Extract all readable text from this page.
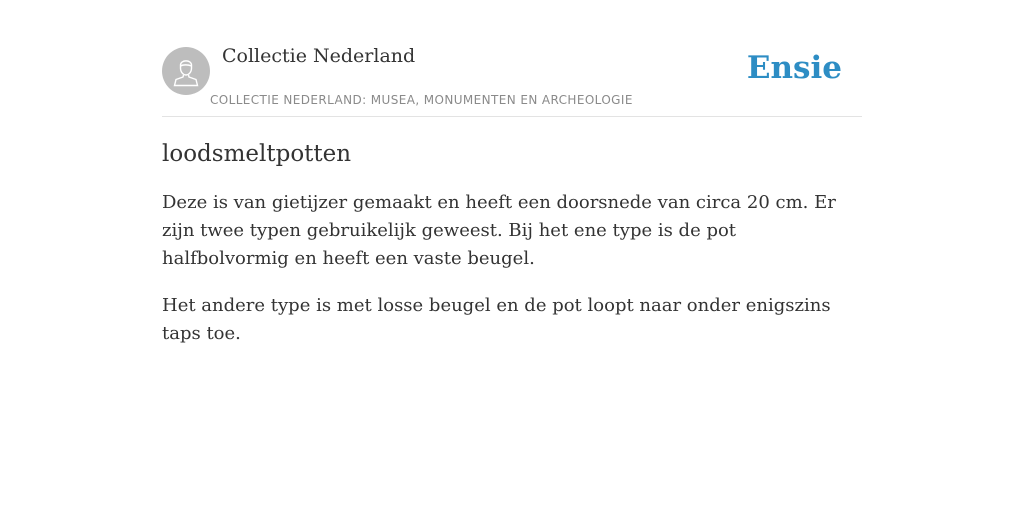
Collectie Nederland
COLLECTIE NEDERLAND: MUSEA, MONUMENTEN EN ARCHEOLOGIE
Ensie
loodsmeltpotten

Deze is van gietijzer gemaakt en heeft een doorsnede van circa 20 cm. Er zijn twee typen gebruikelijk geweest. Bij het ene type is de pot halfbolvormig en heeft een vaste beugel.

Het andere type is met losse beugel en de pot loopt naar onder enigszins taps toe.
